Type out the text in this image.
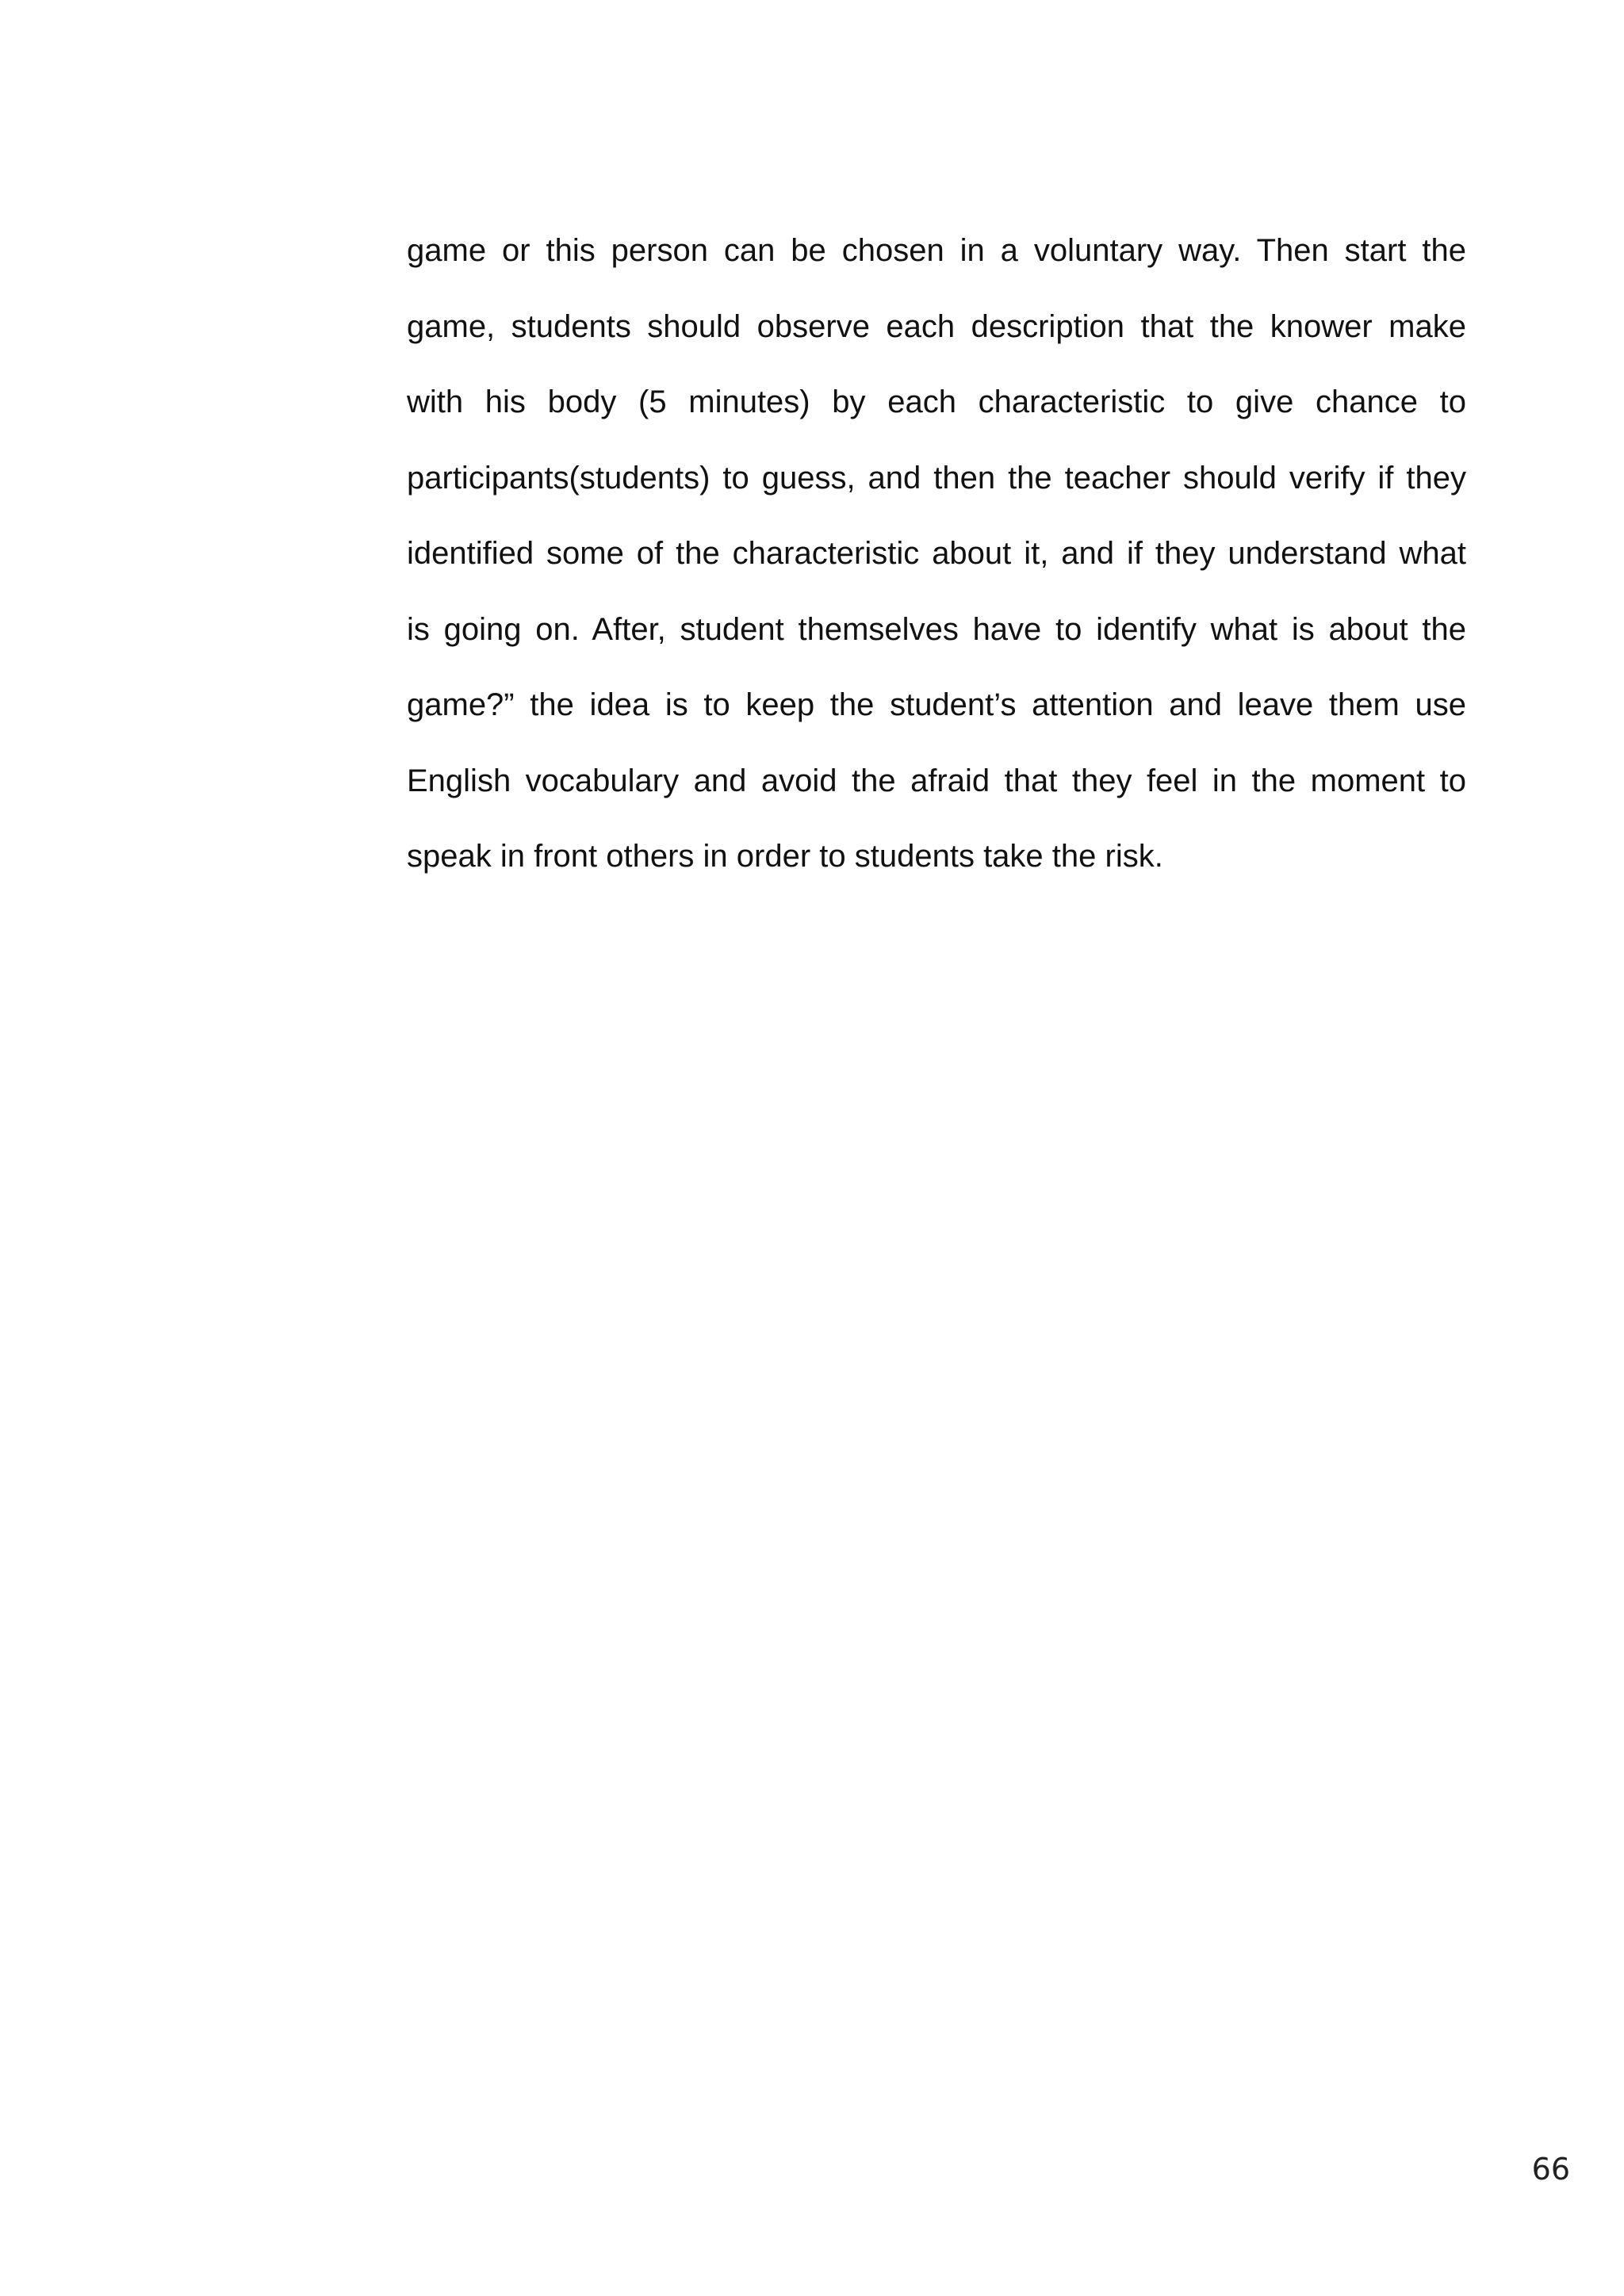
game or this person can be chosen in a voluntary way. Then start the
game, students should observe each description that the knower make
with his body (5 minutes) by each characteristic to give chance to
participants(students) to guess, and then the teacher should verify if they
identified some of the characteristic about it, and if they understand what
is going on. After, student themselves have to identify what is about the
game?” the idea is to keep the student’s attention and leave them use
English vocabulary and avoid the afraid that they feel in the moment to
speak in front others in order to students take the risk.
66
